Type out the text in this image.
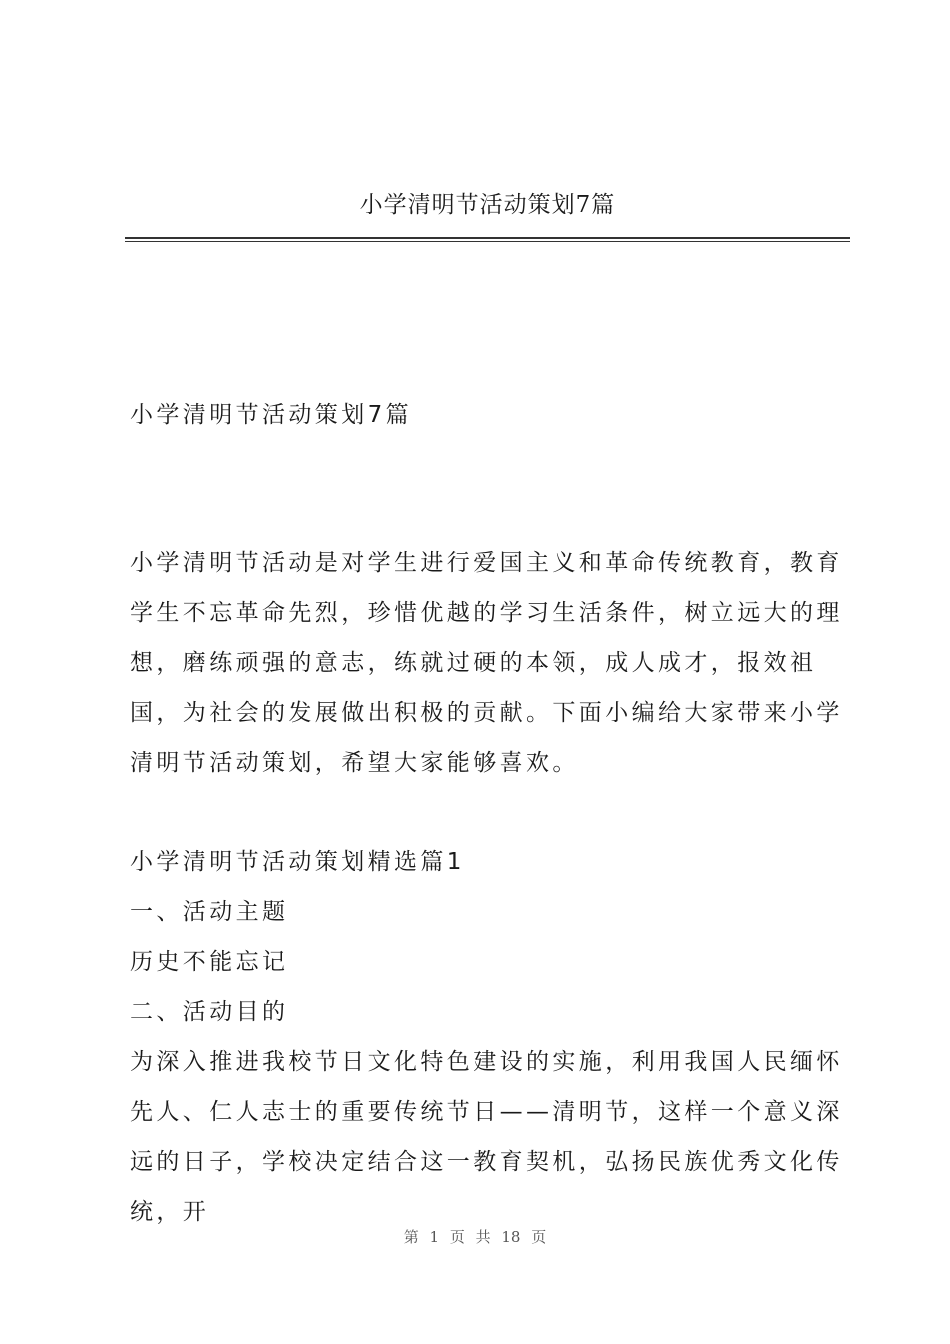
小学清明节活动策划7篇

小学清明节活动策划7篇

小学清明节活动是对学生进行爱国主义和革命传统教育，教育学生不忘革命先烈，珍惜优越的学习生活条件，树立远大的理想，磨练顽强的意志，练就过硬的本领，成人成才，报效祖国，为社会的发展做出积极的贡献。下面小编给大家带来小学清明节活动策划，希望大家能够喜欢。

小学清明节活动策划精选篇1

一、活动主题

历史不能忘记

二、活动目的

为深入推进我校节日文化特色建设的实施，利用我国人民缅怀先人、仁人志士的重要传统节日——清明节，这样一个意义深远的日子，学校决定结合这一教育契机，弘扬民族优秀文化传统，开

第 1 页 共 18 页
